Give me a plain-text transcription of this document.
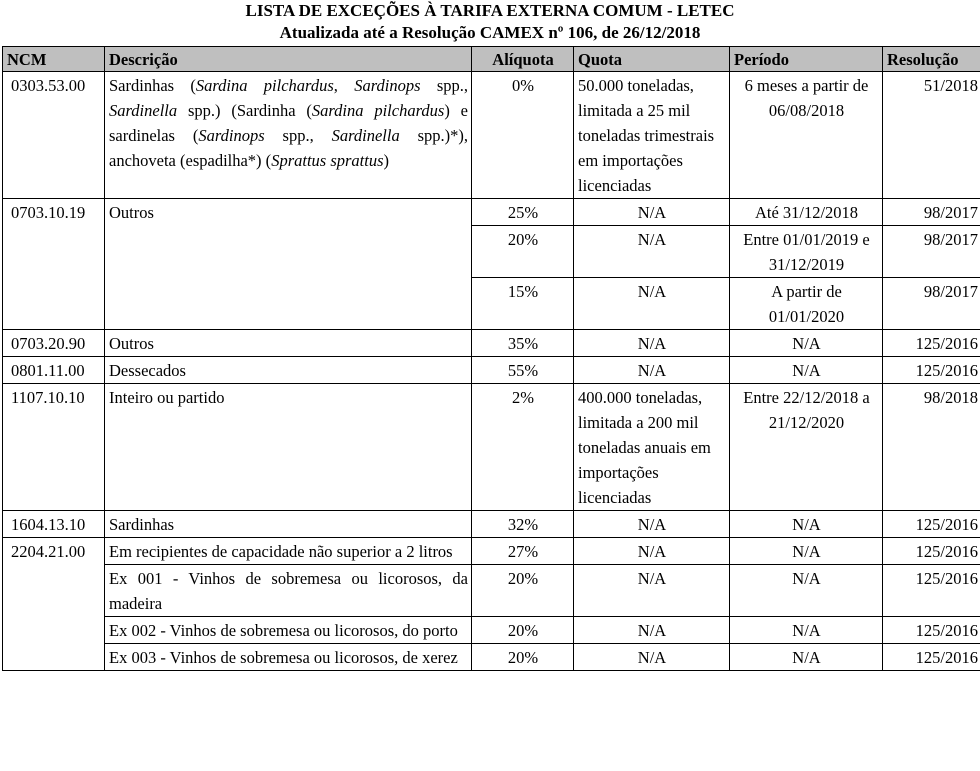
LISTA DE EXCEÇÕES À TARIFA EXTERNA COMUM - LETEC
Atualizada até a Resolução CAMEX nº 106, de 26/12/2018
NCM	Descrição	Alíquota	Quota	Período	Resolução
0303.53.00	Sardinhas (Sardina pilchardus, Sardinops spp., Sardinella spp.) (Sardinha (Sardina pilchardus) e sardinelas (Sardinops spp., Sardinella spp.)*), anchoveta (espadilha*) (Sprattus sprattus)	0%	50.000 toneladas, limitada a 25 mil toneladas trimestrais em importações licenciadas	6 meses a partir de 06/08/2018	51/2018
0703.10.19	Outros	25%	N/A	Até 31/12/2018	98/2017
		20%	N/A	Entre 01/01/2019 e 31/12/2019	98/2017
		15%	N/A	A partir de 01/01/2020	98/2017
0703.20.90	Outros	35%	N/A	N/A	125/2016
0801.11.00	Dessecados	55%	N/A	N/A	125/2016
1107.10.10	Inteiro ou partido	2%	400.000 toneladas, limitada a 200 mil toneladas anuais em importações licenciadas	Entre 22/12/2018 a 21/12/2020	98/2018
1604.13.10	Sardinhas	32%	N/A	N/A	125/2016
2204.21.00	Em recipientes de capacidade não superior a 2 litros	27%	N/A	N/A	125/2016
	Ex 001 - Vinhos de sobremesa ou licorosos, da madeira	20%	N/A	N/A	125/2016
	Ex 002 - Vinhos de sobremesa ou licorosos, do porto	20%	N/A	N/A	125/2016
	Ex 003 - Vinhos de sobremesa ou licorosos, de xerez	20%	N/A	N/A	125/2016
